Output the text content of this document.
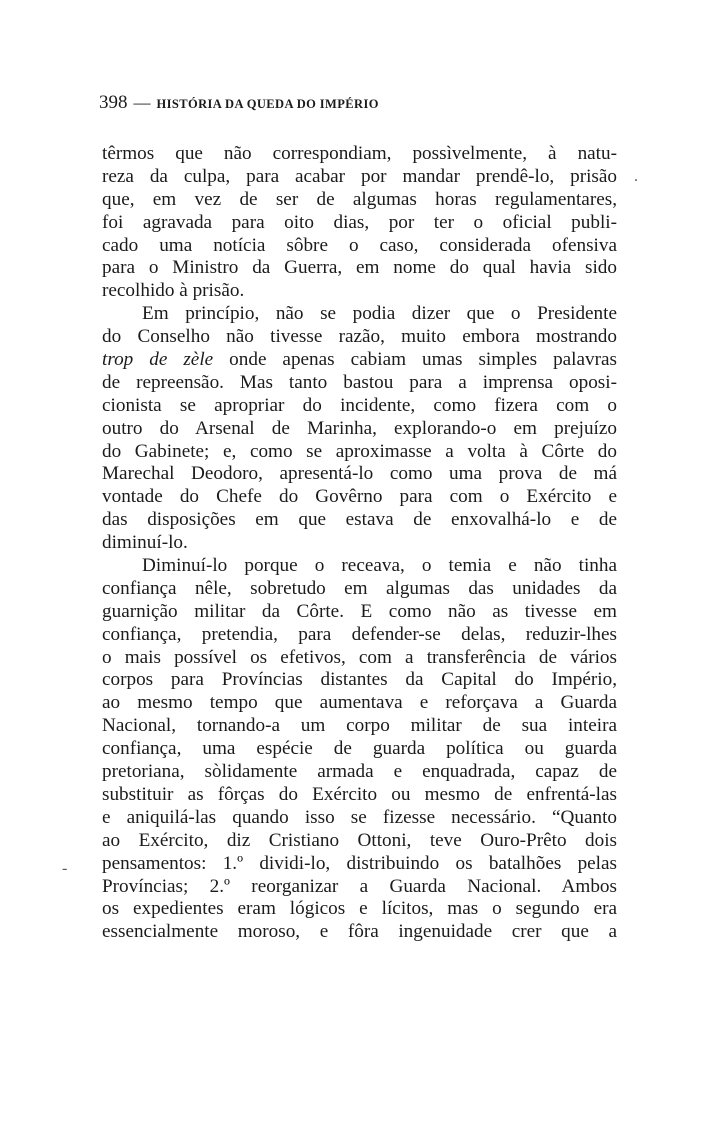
398 — HISTÓRIA DA QUEDA DO IMPÉRIO
.
-
têrmos que não correspondiam, possìvelmente, à natu-
reza da culpa, para acabar por mandar prendê-lo, prisão
que, em vez de ser de algumas horas regulamentares,
foi agravada para oito dias, por ter o oficial publi-
cado uma notícia sôbre o caso, considerada ofensiva
para o Ministro da Guerra, em nome do qual havia sido
recolhido à prisão.
Em princípio, não se podia dizer que o Presidente
do Conselho não tivesse razão, muito embora mostrando
trop de zèle onde apenas cabiam umas simples palavras
de repreensão. Mas tanto bastou para a imprensa oposi-
cionista se apropriar do incidente, como fizera com o
outro do Arsenal de Marinha, explorando-o em prejuízo
do Gabinete; e, como se aproximasse a volta à Côrte do
Marechal Deodoro, apresentá-lo como uma prova de má
vontade do Chefe do Govêrno para com o Exército e
das disposições em que estava de enxovalhá-lo e de
diminuí-lo.
Diminuí-lo porque o receava, o temia e não tinha
confiança nêle, sobretudo em algumas das unidades da
guarnição militar da Côrte. E como não as tivesse em
confiança, pretendia, para defender-se delas, reduzir-lhes
o mais possível os efetivos, com a transferência de vários
corpos para Províncias distantes da Capital do Império,
ao mesmo tempo que aumentava e reforçava a Guarda
Nacional, tornando-a um corpo militar de sua inteira
confiança, uma espécie de guarda política ou guarda
pretoriana, sòlidamente armada e enquadrada, capaz de
substituir as fôrças do Exército ou mesmo de enfrentá-las
e aniquilá-las quando isso se fizesse necessário. “Quanto
ao Exército, diz Cristiano Ottoni, teve Ouro-Prêto dois
pensamentos: 1.º dividi-lo, distribuindo os batalhões pelas
Províncias; 2.º reorganizar a Guarda Nacional. Ambos
os expedientes eram lógicos e lícitos, mas o segundo era
essencialmente moroso, e fôra ingenuidade crer que a
